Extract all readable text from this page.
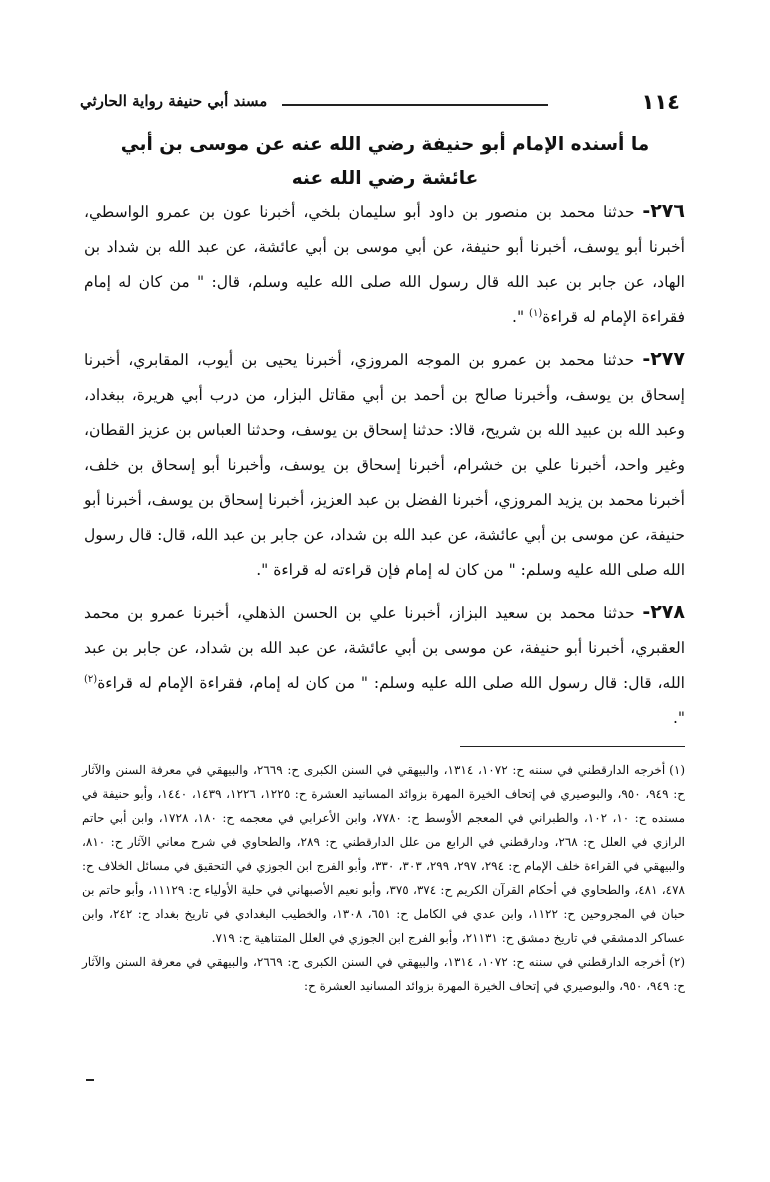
١١٤
مسند أبي حنيفة رواية الحارثي
ما أسنده الإمام أبو حنيفة رضي الله عنه عن موسى بن أبي عائشة رضي الله عنه

٢٧٦- حدثنا محمد بن منصور بن داود أبو سليمان بلخي، أخبرنا عون بن عمرو الواسطي، أخبرنا أبو يوسف، أخبرنا أبو حنيفة، عن أبي موسى بن أبي عائشة، عن عبد الله بن شداد بن الهاد، عن جابر بن عبد الله قال رسول الله صلى الله عليه وسلم، قال: " من كان له إمام فقراءة الإمام له قراءة$^{(١)}$ ".

٢٧٧- حدثنا محمد بن عمرو بن الموجه المروزي، أخبرنا يحيى بن أيوب، المقابري، أخبرنا إسحاق بن يوسف، وأخبرنا صالح بن أحمد بن أبي مقاتل البزار، من درب أبي هريرة، ببغداد، وعبد الله بن عبيد الله بن شريح، قالا: حدثنا إسحاق بن يوسف، وحدثنا العباس بن عزيز القطان، وغير واحد، أخبرنا علي بن خشرام، أخبرنا إسحاق بن يوسف، وأخبرنا أبو إسحاق بن خلف، أخبرنا محمد بن يزيد المروزي، أخبرنا الفضل بن عبد العزيز، أخبرنا إسحاق بن يوسف، أخبرنا أبو حنيفة، عن موسى بن أبي عائشة، عن عبد الله بن شداد، عن جابر بن عبد الله، قال: قال رسول الله صلى الله عليه وسلم: " من كان له إمام فإن قراءته له قراءة ".

٢٧٨- حدثنا محمد بن سعيد البزاز، أخبرنا علي بن الحسن الذهلي، أخبرنا عمرو بن محمد العقبري، أخبرنا أبو حنيفة، عن موسى بن أبي عائشة، عن عبد الله بن شداد، عن جابر بن عبد الله، قال: قال رسول الله صلى الله عليه وسلم: " من كان له إمام، فقراءة الإمام له قراءة$^{(٢)}$ ".

(١)أخرجه الدارقطني في سننه ح: ١٠٧٢، ١٣١٤، والبيهقي في السنن الكبرى ح: ٢٦٦٩، والبيهقي في معرفة السنن والآثار ح: ٩٤٩، ٩٥٠، والبوصيري في إتحاف الخيرة المهرة بزوائد المسانيد العشرة ح: ١٢٢٥، ١٢٢٦، ١٤٣٩، ١٤٤٠، وأبو حنيفة في مسنده ح: ١٠، ١٠٢، والطبراني في المعجم الأوسط ح: ٧٧٨٠، وابن الأعرابي في معجمه ح: ١٨٠، ١٧٢٨، وابن أبي حاتم الرازي في العلل ح: ٢٦٨، ودارقطني في الرابع من علل الدارقطني ح: ٢٨٩، والطحاوي في شرح معاني الآثار ح: ٨١٠، والبيهقي في القراءة خلف الإمام ح: ٢٩٤، ٢٩٧، ٢٩٩، ٣٠٣، ٣٣٠، وأبو الفرج ابن الجوزي في التحقيق في مسائل الخلاف ح: ٤٧٨، ٤٨١، والطحاوي في أحكام القرآن الكريم ح: ٣٧٤، ٣٧٥، وأبو نعيم الأصبهاني في حلية الأولياء ح: ١١١٢٩، وأبو حاتم بن حبان في المجروحين ح: ١١٢٢، وابن عدي في الكامل ح: ٦٥١، ١٣٠٨، والخطيب البغدادي في تاريخ بغداد ح: ٢٤٢، وابن عساكر الدمشقي في تاريخ دمشق ح: ٢١١٣١، وأبو الفرج ابن الجوزي في العلل المتناهية ح: ٧١٩.

(٢)أخرجه الدارقطني في سننه ح: ١٠٧٢، ١٣١٤، والبيهقي في السنن الكبرى ح: ٢٦٦٩، والبيهقي في معرفة السنن والآثار ح: ٩٤٩، ٩٥٠، والبوصيري في إتحاف الخيرة المهرة بزوائد المسانيد العشرة ح:
